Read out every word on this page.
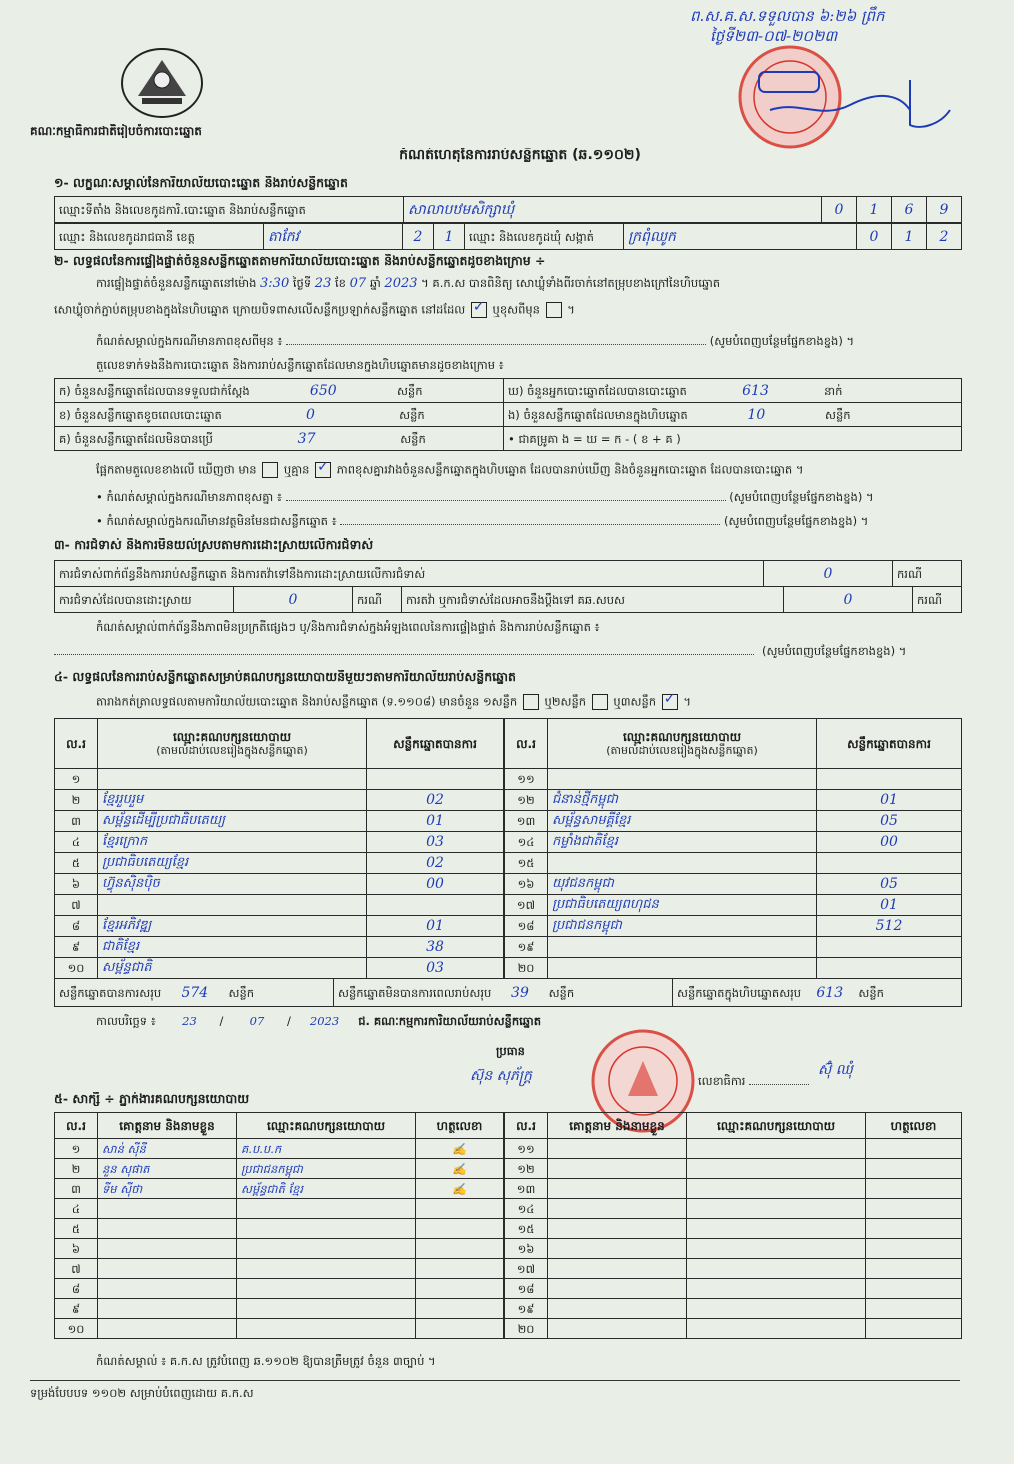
ព.ស.គ.ស.ទទួលបាន ៦:២៦ ព្រឹក
ថ្ងៃទី២៣-០៧-២០២៣
គណៈកម្មាធិការជាតិរៀបចំការបោះឆ្នោត
កំណត់ហេតុនៃការរាប់សន្លឹកឆ្នោត (ឆ.១១០២)
១- លក្ខណៈសម្គាល់នៃការិយាល័យបោះឆ្នោត និងរាប់សន្លឹកឆ្នោត
ឈ្មោះទីតាំង និងលេខកូដការិ.បោះឆ្នោត និងរាប់សន្លឹកឆ្នោត	សាលាបឋមសិក្សាឃុំ	0	1	6	9
ឈ្មោះ និងលេខកូដរាជធានី ខេត្ត	តាកែវ	2	1	ឈ្មោះ និងលេខកូដឃុំ សង្កាត់	ក្រពុំឈូក	0	1	2
២- លទ្ធផលនៃការផ្ទៀងផ្ទាត់ចំនួនសន្លឹកឆ្នោតតាមការិយាល័យបោះឆ្នោត និងរាប់សន្លឹកឆ្នោតដូចខាងក្រោម ÷
ការផ្ទៀងផ្ទាត់ចំនួនសន្លឹកឆ្នោតនៅម៉ោង 3:30 ថ្ងៃទី 23 ខែ 07 ឆ្នាំ 2023 ។ គ.ក.ស បានពិនិត្យ សោឃ្លុំទាំងពីរចាក់នៅតម្រុបខាងក្រៅនៃហិបឆ្នោត
សោឃ្លុំចាក់ភ្ជាប់តម្រុបខាងក្នុងនៃហិបឆ្នោត ក្រោយបិទពាសលើសន្លឹកប្រឡាក់សន្លឹកឆ្នោត នៅដដែល ✓ ឬខុសពីមុន  ។
កំណត់សម្គាល់ក្នុងករណីមានភាពខុសពីមុន ៖	(សូមបំពេញបន្ថែមផ្នែកខាងខ្នង) ។
តួលេខទាក់ទងនឹងការបោះឆ្នោត និងការរាប់សន្លឹកឆ្នោតដែលមានក្នុងហិបឆ្នោតមានដូចខាងក្រោម ៖
ក) ចំនួនសន្លឹកឆ្នោតដែលបានទទួលជាក់ស្តែង 650 សន្លឹក	ឃ) ចំនួនអ្នកបោះឆ្នោតដែលបានបោះឆ្នោត 613 នាក់
ខ) ចំនួនសន្លឹកឆ្នោតខូចពេលបោះឆ្នោត 0 សន្លឹក	ង) ចំនួនសន្លឹកឆ្នោតដែលមានក្នុងហិបឆ្នោត 10 សន្លឹក
គ) ចំនួនសន្លឹកឆ្នោតដែលមិនបានប្រើ 37 សន្លឹក	• ជាគម្រូគា ង = ឃ = ក - ( ខ + គ )
ផ្អែកតាមតួលេខខាងលើ ឃើញថា មាន ឬគ្មាន ✓ ភាពខុសគ្នារវាងចំនួនសន្លឹកឆ្នោតក្នុងហិបឆ្នោត ដែលបានរាប់ឃើញ និងចំនួនអ្នកបោះឆ្នោត ដែលបានបោះឆ្នោត ។
• កំណត់សម្គាល់ក្នុងករណីមានភាពខុសគ្នា ៖	(សូមបំពេញបន្ថែមផ្នែកខាងខ្នង) ។
• កំណត់សម្គាល់ក្នុងករណីមានវត្ថុមិនមែនជាសន្លឹកឆ្នោត ៖	(សូមបំពេញបន្ថែមផ្នែកខាងខ្នង) ។
៣- ការជំទាស់ និងការមិនយល់ស្របតាមការដោះស្រាយលើការជំទាស់
ការជំទាស់ពាក់ព័ន្ធនឹងការរាប់សន្លឹកឆ្នោត និងការតវ៉ាទៅនឹងការដោះស្រាយលើការជំទាស់	0	ករណី
ការជំទាស់ដែលបានដោះស្រាយ	0	ករណី	ការតវ៉ា ឬការជំទាស់ដែលអាចនឹងប្ដឹងទៅ គឆ.សបស	0	ករណី
កំណត់សម្គាល់ពាក់ព័ន្ធនឹងភាពមិនប្រក្រតីផ្សេងៗ ឬ/និងការជំទាស់ក្នុងអំឡុងពេលនៃការផ្ទៀងផ្ទាត់ និងការរាប់សន្លឹកឆ្នោត ៖
(សូមបំពេញបន្ថែមផ្នែកខាងខ្នង) ។
៤- លទ្ធផលនៃការរាប់សន្លឹកឆ្នោតសម្រាប់គណបក្សនយោបាយនីមួយៗតាមការិយាល័យរាប់សន្លឹកឆ្នោត
តារាងកត់ត្រាលទ្ធផលតាមការិយាល័យបោះឆ្នោត និងរាប់សន្លឹកឆ្នោត (ទ.១១០៨) មានចំនួន ១សន្លឹក ឬ២សន្លឹក ឬ៣សន្លឹក ✓ ។
ល.រ	ឈ្មោះគណបក្សនយោបាយ
(តាមលំដាប់លេខរៀងក្នុងសន្លឹកឆ្នោត)	សន្លឹកឆ្នោតបានការ
១		
២	ខ្មែរ​រួបរួម	02
៣	សម្ព័ន្ធ​ដើម្បី​ប្រជាធិបតេយ្យ	01
៤	ខ្មែរ​ក្រោក	03
៥	ប្រជាធិបតេយ្យ​ខ្មែរ	02
៦	ហ៊្វុនស៊ិនប៉ិច	00
៧		
៨	ខ្មែរ​អភិវឌ្ឍ	01
៩	ជាតិ​ខ្មែរ	38
១០	សម្ព័ន្ធ​ជាតិ	03
ល.រ	ឈ្មោះគណបក្សនយោបាយ
(តាមលំដាប់លេខរៀងក្នុងសន្លឹកឆ្នោត)	សន្លឹកឆ្នោតបានការ
១១		
១២	ជំនាន់​ថ្មី​កម្ពុជា	01
១៣	សម្ព័ន្ធ​សាមគ្គី​ខ្មែរ	05
១៤	កម្លាំង​ជាតិ​ខ្មែរ	00
១៥		
១៦	យុវជន​កម្ពុជា	05
១៧	ប្រជាធិបតេយ្យ​ពហុជន	01
១៨	ប្រជាជន​កម្ពុជា	512
១៩		
២០		
សន្លឹកឆ្នោតបានការសរុប 574 សន្លឹក	សន្លឹកឆ្នោតមិនបានការពេលរាប់សរុប 39 សន្លឹក	សន្លឹកឆ្នោតក្នុងហិបឆ្នោតសរុប 613 សន្លឹក
កាលបរិច្ឆេទ ៖ 23 / 07 / 2023 ជ. គណៈកម្មការការិយាល័យរាប់សន្លឹកឆ្នោត
ប្រធាន
ស៊ុន សុភ័ក្ត្រ	លេខាធិការ
ស៊ុំ ឈុំ
៥- សាក្សី ÷ ភ្នាក់ងារគណបក្សនយោបាយ
ល.រ	គោត្តនាម និងនាមខ្លួន	ឈ្មោះគណបក្សនយោបាយ	ហត្ថលេខា
១	សាន់ ស៊ីនី	គ.ប.ប.ក	✍
២	នួន សុផាត	ប្រជាជនកម្ពុជា	✍
៣	ទីម ស៊ីថា	សម័្ពន្ធជាតិ ខ្មែរ	✍
៤			
៥			
៦			
៧			
៨			
៩			
១០			
ល.រ	គោត្តនាម និងនាមខ្លួន	ឈ្មោះគណបក្សនយោបាយ	ហត្ថលេខា
១១			
១២			
១៣			
១៤			
១៥			
១៦			
១៧			
១៨			
១៩			
២០			
កំណត់សម្គាល់ ៖ គ.ក.ស ត្រូវបំពេញ ឆ.១១០២ ឱ្យបានត្រឹមត្រូវ ចំនួន ៣ច្បាប់ ។
ទម្រង់បែបបទ ១១០២ សម្រាប់បំពេញដោយ គ.ក.ស
